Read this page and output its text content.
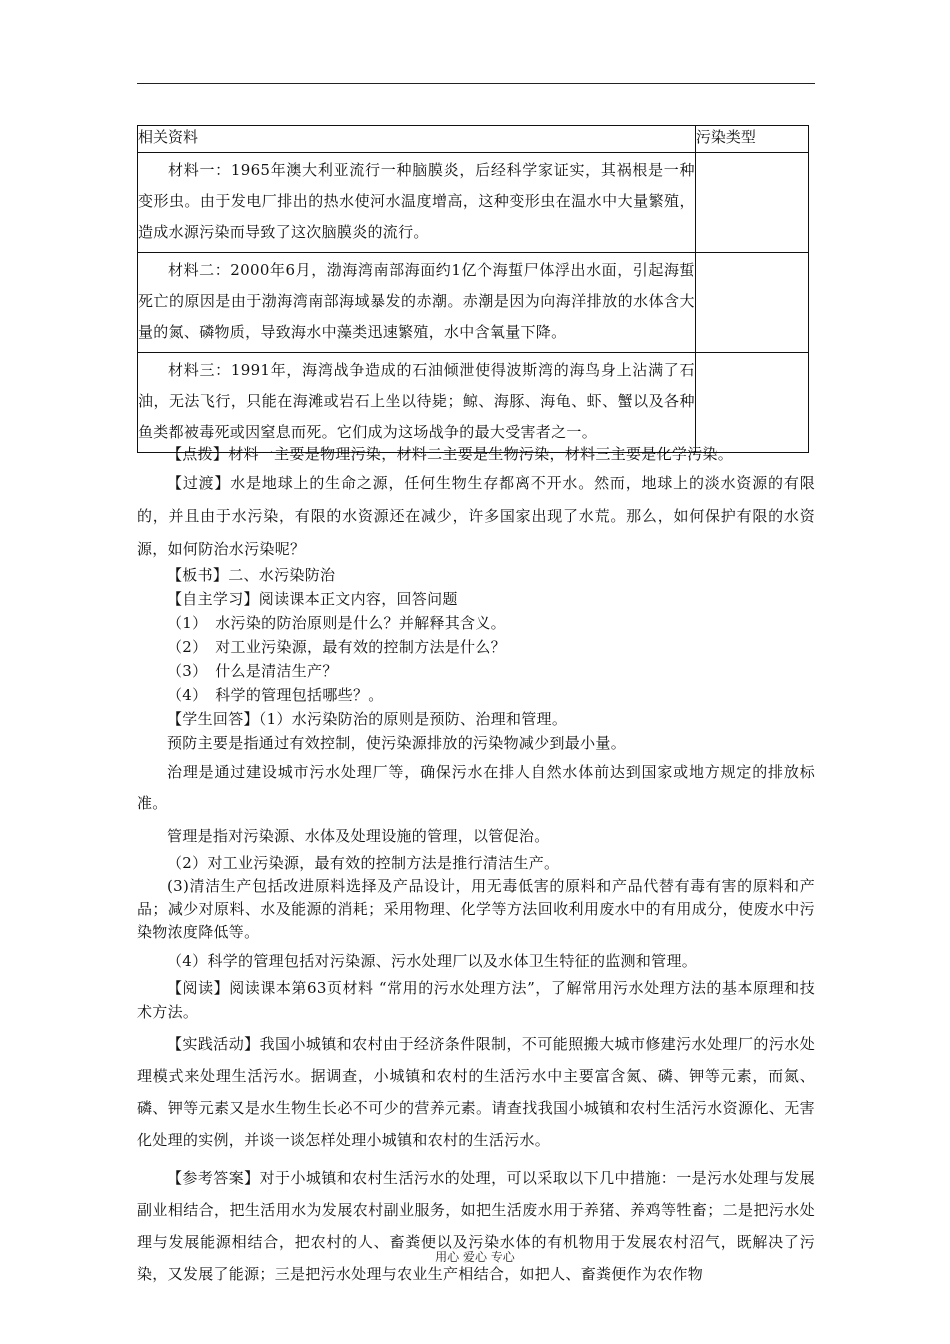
相关资料	污染类型

材料一：1965年澳大利亚流行一种脑膜炎，后经科学家证实，其祸根是一种变形虫。由于发电厂排出的热水使河水温度增高，这种变形虫在温水中大量繁殖，造成水源污染而导致了这次脑膜炎的流行。	

材料二：2000年6月，渤海湾南部海面约1亿个海蜇尸体浮出水面，引起海蜇死亡的原因是由于渤海湾南部海域暴发的赤潮。赤潮是因为向海洋排放的水体含大量的氮、磷物质，导致海水中藻类迅速繁殖，水中含氧量下降。	

材料三：1991年，海湾战争造成的石油倾泄使得波斯湾的海鸟身上沾满了石油，无法飞行，只能在海滩或岩石上坐以待毙；鲸、海豚、海龟、虾、蟹以及各种鱼类都被毒死或因窒息而死。它们成为这场战争的最大受害者之一。	

【点拨】材料一主要是物理污染，材料二主要是生物污染，材料三主要是化学污染。

【过渡】水是地球上的生命之源，任何生物生存都离不开水。然而，地球上的淡水资源的有限的，并且由于水污染，有限的水资源还在减少，许多国家出现了水荒。那么，如何保护有限的水资源，如何防治水污染呢？

【板书】二、水污染防治

【自主学习】阅读课本正文内容，回答问题

（1）　水污染的防治原则是什么？并解释其含义。

（2）　对工业污染源，最有效的控制方法是什么？

（3）　什么是清洁生产？

（4）　科学的管理包括哪些？。

【学生回答】（1）水污染防治的原则是预防、治理和管理。

预防主要是指通过有效控制，使污染源排放的污染物减少到最小量。

治理是通过建设城市污水处理厂等，确保污水在排人自然水体前达到国家或地方规定的排放标准。

管理是指对污染源、水体及处理设施的管理，以管促治。

（2）对工业污染源，最有效的控制方法是推行清洁生产。

(3)清洁生产包括改进原料选择及产品设计，用无毒低害的原料和产品代替有毒有害的原料和产品；减少对原料、水及能源的消耗；采用物理、化学等方法回收利用废水中的有用成分，使废水中污染物浓度降低等。

（4）科学的管理包括对污染源、污水处理厂以及水体卫生特征的监测和管理。

【阅读】阅读课本第63页材料 “常用的污水处理方法”，了解常用污水处理方法的基本原理和技术方法。

【实践活动】我国小城镇和农村由于经济条件限制，不可能照搬大城市修建污水处理厂的污水处理模式来处理生活污水。据调查，小城镇和农村的生活污水中主要富含氮、磷、钾等元素，而氮、磷、钾等元素又是水生物生长必不可少的营养元素。请查找我国小城镇和农村生活污水资源化、无害化处理的实例，并谈一谈怎样处理小城镇和农村的生活污水。

【参考答案】对于小城镇和农村生活污水的处理，可以采取以下几中措施：一是污水处理与发展副业相结合，把生活用水为发展农村副业服务，如把生活废水用于养猪、养鸡等牲畜；二是把污水处理与发展能源相结合，把农村的人、畜粪便以及污染水体的有机物用于发展农村沼气，既解决了污染，又发展了能源；三是把污水处理与农业生产相结合，如把人、畜粪便作为农作物

用心 爱心 专心
